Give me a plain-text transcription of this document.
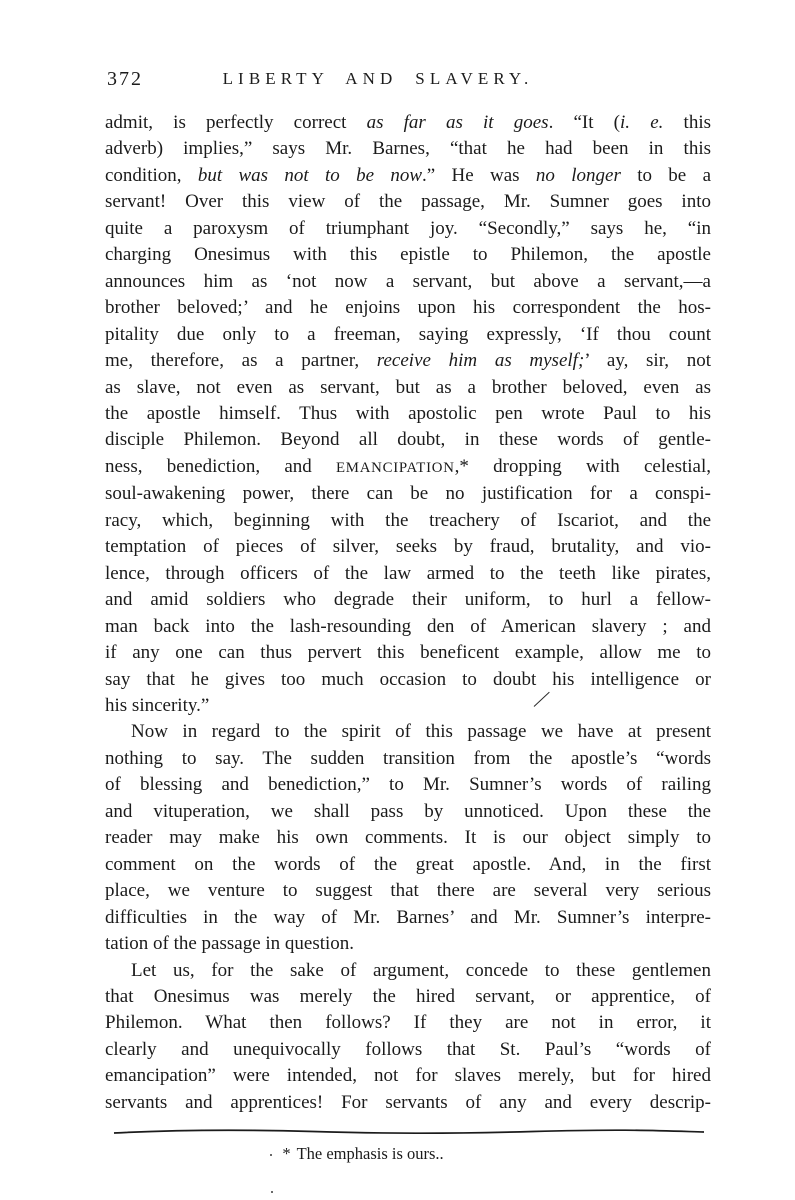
372	LIBERTY AND SLAVERY.
admit, is perfectly correct as far as it goes. “It (i. e. this
adverb) implies,” says Mr. Barnes, “that he had been in this
condition, but was not to be now.” He was no longer to be a
servant! Over this view of the passage, Mr. Sumner goes into
quite a paroxysm of triumphant joy. “Secondly,” says he, “in
charging Onesimus with this epistle to Philemon, the apostle
announces him as ‘not now a servant, but above a servant,—a
brother beloved;’ and he enjoins upon his correspondent the hos-
pitality due only to a freeman, saying expressly, ‘If thou count
me, therefore, as a partner, receive him as myself;’ ay, sir, not
as slave, not even as servant, but as a brother beloved, even as
the apostle himself. Thus with apostolic pen wrote Paul to his
disciple Philemon. Beyond all doubt, in these words of gentle-
ness, benediction, and EMANCIPATION,* dropping with celestial,
soul-awakening power, there can be no justification for a conspi-
racy, which, beginning with the treachery of Iscariot, and the
temptation of pieces of silver, seeks by fraud, brutality, and vio-
lence, through officers of the law armed to the teeth like pirates,
and amid soldiers who degrade their uniform, to hurl a fellow-
man back into the lash-resounding den of American slavery ; and
if any one can thus pervert this beneficent example, allow me to
say that he gives too much occasion to doubt his intelligence or
his sincerity.”
Now in regard to the spirit of this passage we have at present
nothing to say. The sudden transition from the apostle’s “words
of blessing and benediction,” to Mr. Sumner’s words of railing
and vituperation, we shall pass by unnoticed. Upon these the
reader may make his own comments. It is our object simply to
comment on the words of the great apostle. And, in the first
place, we venture to suggest that there are several very serious
difficulties in the way of Mr. Barnes’ and Mr. Sumner’s interpre-
tation of the passage in question.
Let us, for the sake of argument, concede to these gentlemen
that Onesimus was merely the hired servant, or apprentice, of
Philemon. What then follows? If they are not in error, it
clearly and unequivocally follows that St. Paul’s “words of
emancipation” were intended, not for slaves merely, but for hired
servants and apprentices! For servants of any and every descrip-
* The emphasis is ours..
